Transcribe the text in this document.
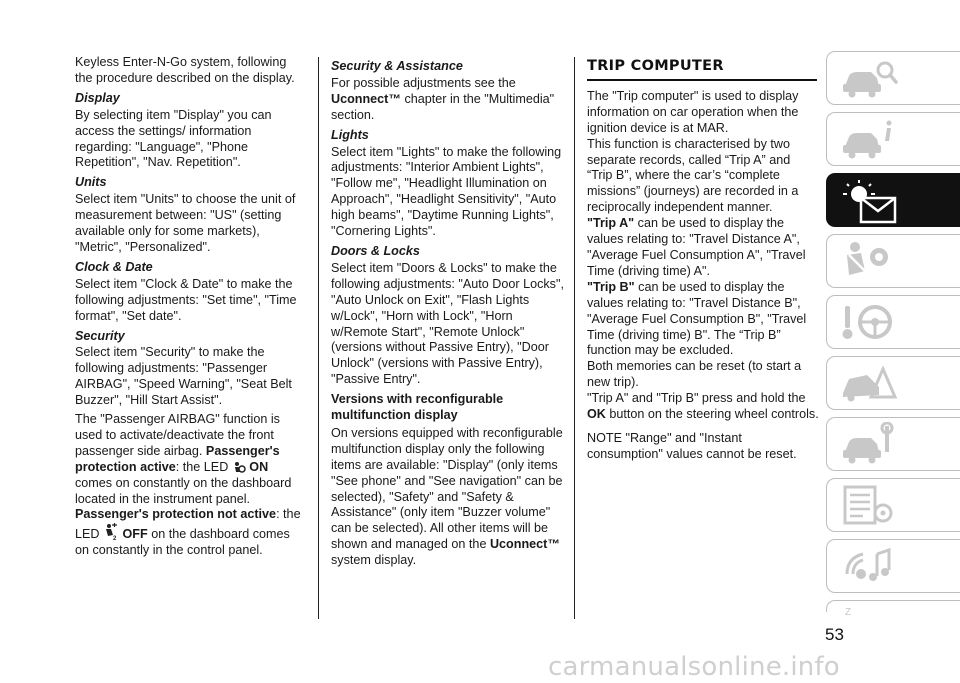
Keyless Enter-N-Go system, following the procedure described on the display.

Display

By selecting item "Display" you can access the settings/ information regarding: "Language", "Phone Repetition", "Nav. Repetition".

Units

Select item "Units" to choose the unit of measurement between: "US" (setting available only for some markets), "Metric", "Personalized".

Clock & Date

Select item "Clock & Date" to make the following adjustments: "Set time", "Time format", "Set date".

Security

Select item "Security" to make the following adjustments: "Passenger AIRBAG", "Speed Warning", "Seat Belt Buzzer", "Hill Start Assist".

The "Passenger AIRBAG" function is used to activate/deactivate the front passenger side airbag. Passenger's protection active: the LED ON comes on constantly on the dashboard located in the instrument panel. Passenger's protection not active: the LED 2 OFF on the dashboard comes on constantly in the control panel.

Security & Assistance

For possible adjustments see the Uconnect™ chapter in the "Multimedia" section.

Lights

Select item "Lights" to make the following adjustments: "Interior Ambient Lights", "Follow me", "Headlight Illumination on Approach", "Headlight Sensitivity", "Auto high beams", "Daytime Running Lights", "Cornering Lights".

Doors & Locks

Select item "Doors & Locks" to make the following adjustments: "Auto Door Locks", "Auto Unlock on Exit", "Flash Lights w/Lock", "Horn with Lock", "Horn w/Remote Start", "Remote Unlock" (versions without Passive Entry), "Door Unlock" (versions with Passive Entry), "Passive Entry".

Versions with reconfigurable multifunction display

On versions equipped with reconfigurable multifunction display only the following items are available: "Display" (only items "See phone" and "See navigation" can be selected), "Safety" and "Safety & Assistance" (only item "Buzzer volume" can be selected). All other items will be shown and managed on the Uconnect™ system display.

TRIP COMPUTER

The "Trip computer" is used to display information on car operation when the ignition device is at MAR.

This function is characterised by two separate records, called “Trip A” and “Trip B”, where the car’s “complete missions” (journeys) are recorded in a reciprocally independent manner.

"Trip A" can be used to display the values relating to: "Travel Distance A", "Average Fuel Consumption A", "Travel Time (driving time) A".

"Trip B" can be used to display the values relating to: "Travel Distance B", "Average Fuel Consumption B", "Travel Time (driving time) B". The “Trip B” function may be excluded.

Both memories can be reset (to start a new trip).

"Trip A" and "Trip B" press and hold the OK button on the steering wheel controls.

NOTE "Range" and "Instant consumption" values cannot be reset.

Z
53
carmanualsonline.info
